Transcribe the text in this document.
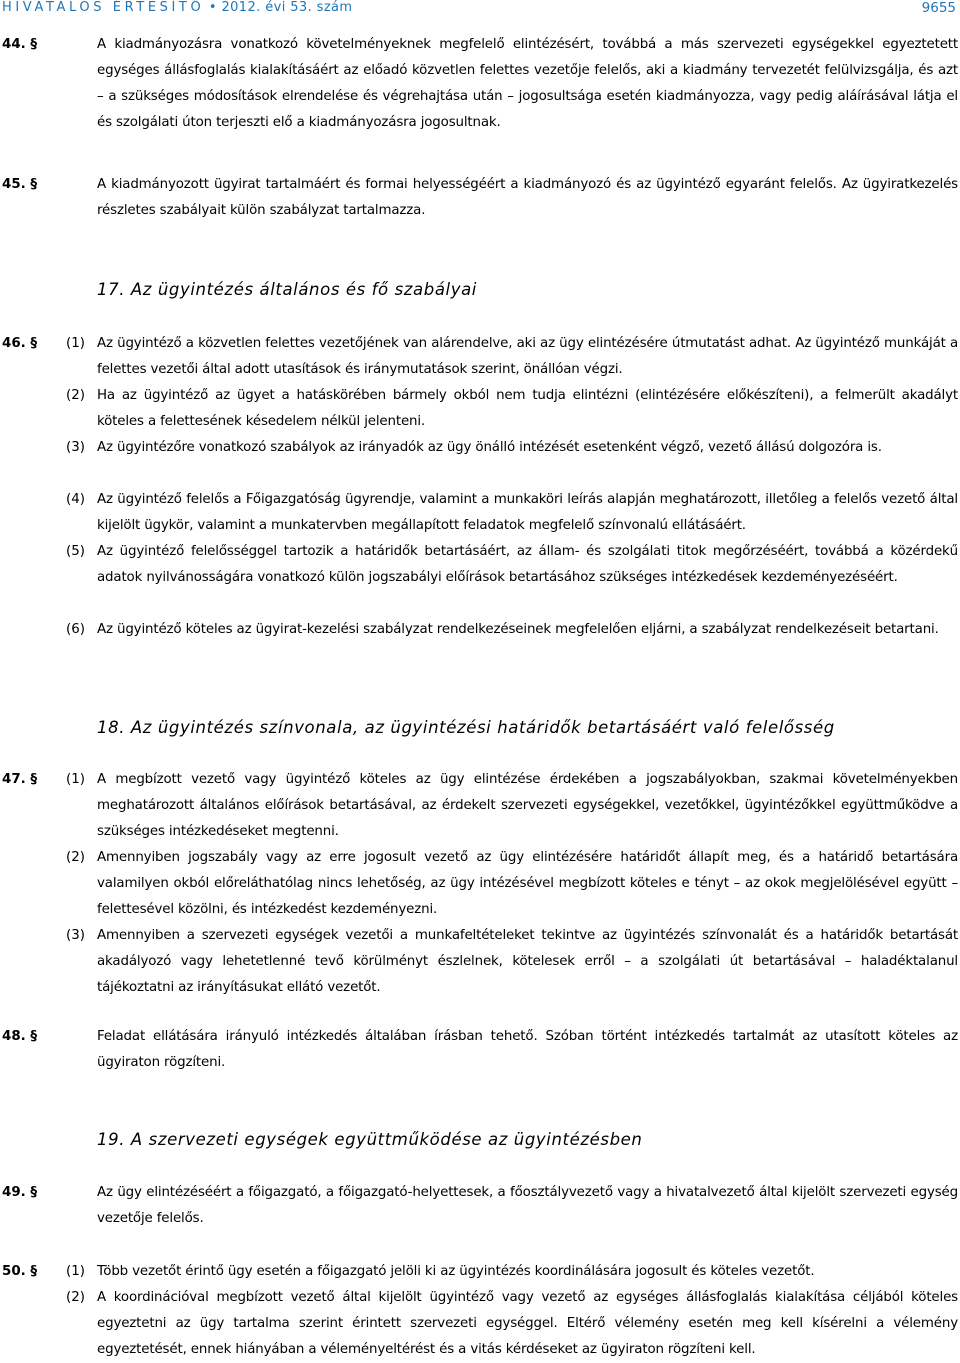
HIVATALOS ÉRTESÍTŐ • 2012. évi 53. szám	9655
44. §	A kiadmányozásra vonatkozó követelményeknek megfelelő elintézésért, továbbá a más szervezeti egységekkel egyeztetett egységes állásfoglalás kialakításáért az előadó közvetlen felettes vezetője felelős, aki a kiadmány tervezetét felülvizsgálja, és azt – a szükséges módosítások elrendelése és végrehajtása után – jogosultsága esetén kiadmányozza, vagy pedig aláírásával látja el és szolgálati úton terjeszti elő a kiadmányozásra jogosultnak.
45. §	A kiadmányozott ügyirat tartalmáért és formai helyességéért a kiadmányozó és az ügyintéző egyaránt felelős. Az ügyiratkezelés részletes szabályait külön szabályzat tartalmazza.
17. Az ügyintézés általános és fő szabályai
46. §	(1) Az ügyintéző a közvetlen felettes vezetőjének van alárendelve, aki az ügy elintézésére útmutatást adhat. Az ügyintéző munkáját a felettes vezetői által adott utasítások és iránymutatások szerint, önállóan végzi.
(2) Ha az ügyintéző az ügyet a hatáskörében bármely okból nem tudja elintézni (elintézésére előkészíteni), a felmerült akadályt köteles a felettesének késedelem nélkül jelenteni.
(3) Az ügyintézőre vonatkozó szabályok az irányadók az ügy önálló intézését esetenként végző, vezető állású dolgozóra is.
(4) Az ügyintéző felelős a Főigazgatóság ügyrendje, valamint a munkaköri leírás alapján meghatározott, illetőleg a felelős vezető által kijelölt ügykör, valamint a munkatervben megállapított feladatok megfelelő színvonalú ellátásáért.
(5) Az ügyintéző felelősséggel tartozik a határidők betartásáért, az állam- és szolgálati titok megőrzéséért, továbbá a közérdekű adatok nyilvánosságára vonatkozó külön jogszabályi előírások betartásához szükséges intézkedések kezdeményezéséért.
(6) Az ügyintéző köteles az ügyirat-kezelési szabályzat rendelkezéseinek megfelelően eljárni, a szabályzat rendelkezéseit betartani.
18. Az ügyintézés színvonala, az ügyintézési határidők betartásáért való felelősség
47. §	(1) A megbízott vezető vagy ügyintéző köteles az ügy elintézése érdekében a jogszabályokban, szakmai követelményekben meghatározott általános előírások betartásával, az érdekelt szervezeti egységekkel, vezetőkkel, ügyintézőkkel együttműködve a szükséges intézkedéseket megtenni.
(2) Amennyiben jogszabály vagy az erre jogosult vezető az ügy elintézésére határidőt állapít meg, és a határidő betartására valamilyen okból előreláthatólag nincs lehetőség, az ügy intézésével megbízott köteles e tényt – az okok megjelölésével együtt – felettesével közölni, és intézkedést kezdeményezni.
(3) Amennyiben a szervezeti egységek vezetői a munkafeltételeket tekintve az ügyintézés színvonalát és a határidők betartását akadályozó vagy lehetetlenné tevő körülményt észlelnek, kötelesek erről – a szolgálati út betartásával – haladéktalanul tájékoztatni az irányításukat ellátó vezetőt.
48. §	Feladat ellátására irányuló intézkedés általában írásban tehető. Szóban történt intézkedés tartalmát az utasított köteles az ügyiraton rögzíteni.
19. A szervezeti egységek együttműködése az ügyintézésben
49. §	Az ügy elintézéséért a főigazgató, a főigazgató-helyettesek, a főosztályvezető vagy a hivatalvezető által kijelölt szervezeti egység vezetője felelős.
50. §	(1) Több vezetőt érintő ügy esetén a főigazgató jelöli ki az ügyintézés koordinálására jogosult és köteles vezetőt.
(2) A koordinációval megbízott vezető által kijelölt ügyintéző vagy vezető az egységes állásfoglalás kialakítása céljából köteles egyeztetni az ügy tartalma szerint érintett szervezeti egységgel. Eltérő vélemény esetén meg kell kísérelni a vélemény egyeztetését, ennek hiányában a véleményeltérést és a vitás kérdéseket az ügyiraton rögzíteni kell.
